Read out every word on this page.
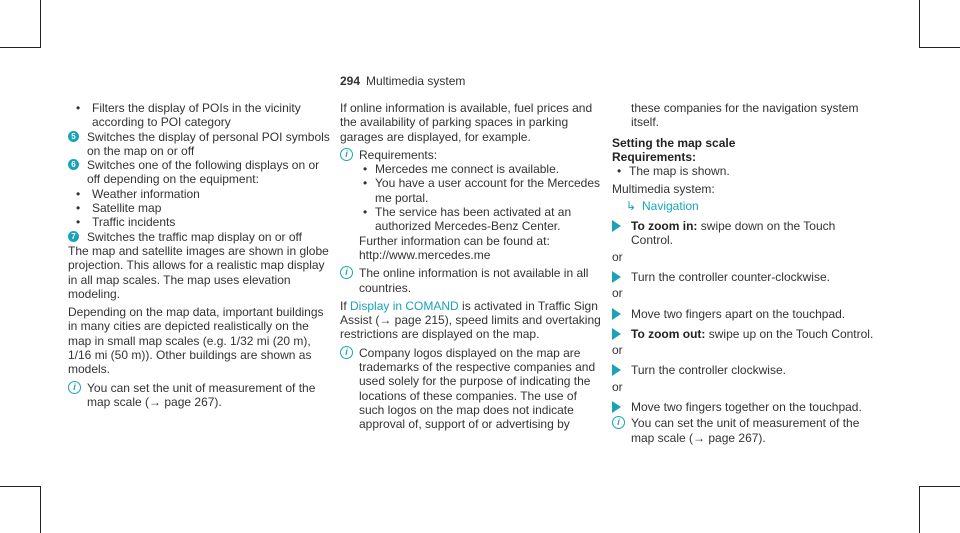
294 Multimedia system

• Filters the display of POIs in the vicinity according to POI category

5 Switches the display of personal POI symbols on the map on or off

6 Switches one of the following displays on or off depending on the equipment:

• Weather information

• Satellite map

• Traffic incidents

7 Switches the traffic map display on or off

The map and satellite images are shown in globe projection. This allows for a realistic map display in all map scales. The map uses elevation modeling.

Depending on the map data, important buildings in many cities are depicted realistically on the map in small map scales (e.g. 1/32 mi (20 m), 1/16 mi (50 m)). Other buildings are shown as models.

i You can set the unit of measurement of the map scale (→ page 267).

If online information is available, fuel prices and the availability of parking spaces in parking garages are displayed, for example.

i Requirements:

• Mercedes me connect is available.

• You have a user account for the Mercedes me portal.

• The service has been activated at an authorized Mercedes-Benz Center.

Further information can be found at: http://www.mercedes.me

i The online information is not available in all countries.

If Display in COMAND is activated in Traffic Sign Assist (→ page 215), speed limits and overtaking restrictions are displayed on the map.

i Company logos displayed on the map are trademarks of the respective companies and used solely for the purpose of indicating the locations of these companies. The use of such logos on the map does not indicate approval of, support of or advertising by

these companies for the navigation system itself.

Setting the map scale

Requirements:

• The map is shown.

Multimedia system:

↳ Navigation

To zoom in: swipe down on the Touch Control.

or

Turn the controller counter-clockwise.

or

Move two fingers apart on the touchpad.

To zoom out: swipe up on the Touch Control.

or

Turn the controller clockwise.

or

Move two fingers together on the touchpad.

i You can set the unit of measurement of the map scale (→ page 267).
